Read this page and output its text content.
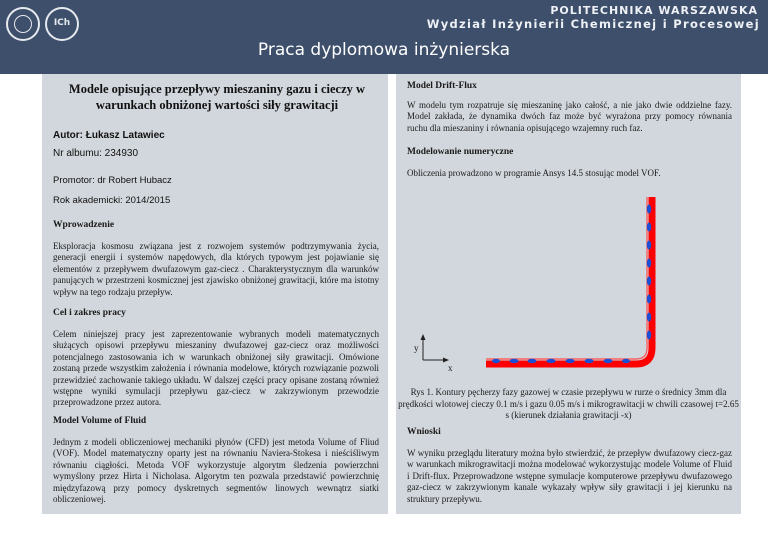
ICh
POLITECHNIKA WARSZAWSKA
Wydział Inżynierii Chemicznej i Procesowej
Praca dyplomowa inżynierska
Modele opisujące przepływy mieszaniny gazu i cieczy w warunkach obniżonej wartości siły grawitacji
Autor: Łukasz Latawiec
Nr albumu: 234930
Promotor: dr Robert Hubacz
Rok akademicki: 2014/2015
Wprowadzenie
Eksploracja kosmosu związana jest z rozwojem systemów podtrzymywania życia, generacji energii i systemów napędowych, dla których typowym jest pojawianie się elementów z przepływem dwufazowym gaz-ciecz . Charakterystycznym dla warunków panujących w przestrzeni kosmicznej jest zjawisko obniżonej grawitacji, które ma istotny wpływ na tego rodzaju przepływ.
Cel i zakres pracy
Celem niniejszej pracy jest zaprezentowanie wybranych modeli matematycznych służących opisowi przepływu mieszaniny dwufazowej gaz-ciecz oraz możliwości potencjalnego zastosowania ich w warunkach obniżonej siły grawitacji. Omówione zostaną przede wszystkim założenia i równania modelowe, których rozwiązanie pozwoli przewidzieć zachowanie takiego układu. W dalszej części pracy opisane zostaną również wstępne wyniki symulacji przepływu gaz-ciecz w zakrzywionym przewodzie przeprowadzone przez autora.
Model Volume of Fluid
Jednym z modeli obliczeniowej mechaniki płynów (CFD) jest metoda Volume of Fliud (VOF). Model matematyczny oparty jest na równaniu Naviera-Stokesa i nieściśliwym równaniu ciągłości. Metoda VOF wykorzystuje algorytm śledzenia powierzchni wymyślony przez Hirta i Nicholasa. Algorytm ten pozwala przedstawić powierzchnię międzyfazową przy pomocy dyskretnych segmentów linowych wewnątrz siatki obliczeniowej.
Model Drift-Flux
W modelu tym rozpatruje się mieszaninę jako całość, a nie jako dwie oddzielne fazy. Model zakłada, że dynamika dwóch faz może być wyrażona przy pomocy równania ruchu dla mieszaniny i równania opisującego wzajemny ruch faz.
Modelowanie numeryczne
Obliczenia prowadzono w programie Ansys 14.5 stosując model VOF.
y
x
Rys 1. Kontury pęcherzy fazy gazowej w czasie przepływu w rurze o średnicy 3mm dla prędkości wlotowej cieczy 0.1 m/s i gazu 0.05 m/s i mikrograwitacji w chwili czasowej t=2.65 s (kierunek działania grawitacji -x)
Wnioski
W wyniku przeglądu literatury można było stwierdzić, że przepływ dwufazowy ciecz-gaz w warunkach mikrograwitacji można modelować wykorzystując modele Volume of Fluid i Drift-flux. Przeprowadzone wstępne symulacje komputerowe przepływu dwufazowego gaz-ciecz w zakrzywionym kanale wykazały wpływ siły grawitacji i jej kierunku na struktury przepływu.
